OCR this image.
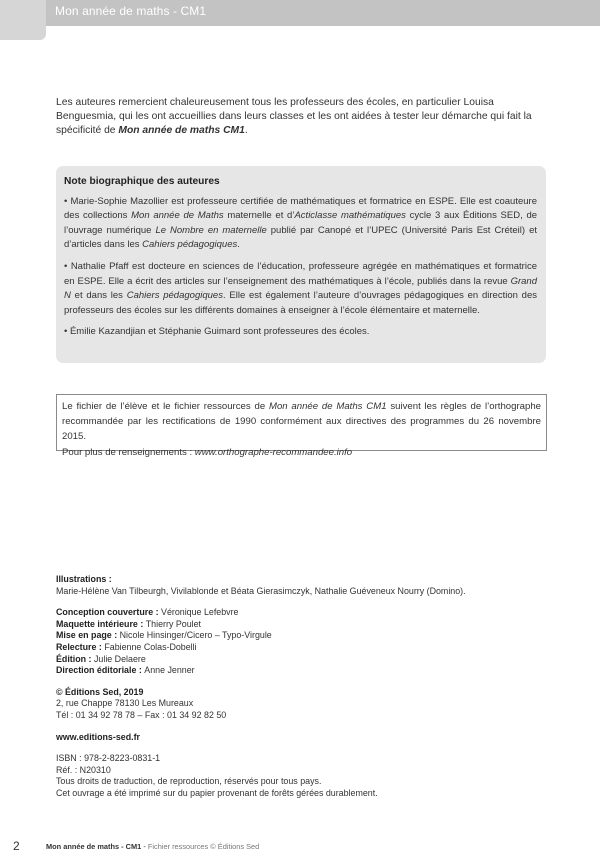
Mon année de maths - CM1
Les auteures remercient chaleureusement tous les professeurs des écoles, en particulier Louisa Benguesmia, qui les ont accueillies dans leurs classes et les ont aidées à tester leur démarche qui fait la spécificité de Mon année de maths CM1.
Note biographique des auteures

• Marie-Sophie Mazollier est professeure certifiée de mathématiques et formatrice en ESPE. Elle est coauteure des collections Mon année de Maths maternelle et d’Acticlasse mathématiques cycle 3 aux Éditions SED, de l’ouvrage numérique Le Nombre en maternelle publié par Canopé et l’UPEC (Université Paris Est Créteil) et d’articles dans les Cahiers pédagogiques.

• Nathalie Pfaff est docteure en sciences de l’éducation, professeure agrégée en mathématiques et formatrice en ESPE. Elle a écrit des articles sur l’enseignement des mathématiques à l’école, publiés dans la revue Grand N et dans les Cahiers pédagogiques. Elle est également l’auteure d’ouvrages pédagogiques en direction des professeurs des écoles sur les différents domaines à enseigner à l’école élémentaire et maternelle.

• Émilie Kazandjian et Stéphanie Guimard sont professeures des écoles.

Le fichier de l’élève et le fichier ressources de Mon année de Maths CM1 suivent les règles de l’orthographe recommandée par les rectifications de 1990 conformément aux directives des programmes du 26 novembre 2015.
Pour plus de renseignements : www.orthographe-recommandee.info
Illustrations :
Marie-Hélène Van Tilbeurgh, Vivilablonde et Béata Gierasimczyk, Nathalie Guéveneux Nourry (Domino).
Conception couverture : Véronique Lefebvre
Maquette intérieure : Thierry Poulet
Mise en page : Nicole Hinsinger/Cicero – Typo-Virgule
Relecture : Fabienne Colas-Dobelli
Édition : Julie Delaere
Direction éditoriale : Anne Jenner
© Éditions Sed, 2019
2, rue Chappe 78130 Les Mureaux
Tél : 01 34 92 78 78 – Fax : 01 34 92 82 50
www.editions-sed.fr
ISBN : 978-2-8223-0831-1
Réf. : N20310
Tous droits de traduction, de reproduction, réservés pour tous pays.
Cet ouvrage a été imprimé sur du papier provenant de forêts gérées durablement.
2	Mon année de maths - CM1 - Fichier ressources © Éditions Sed
